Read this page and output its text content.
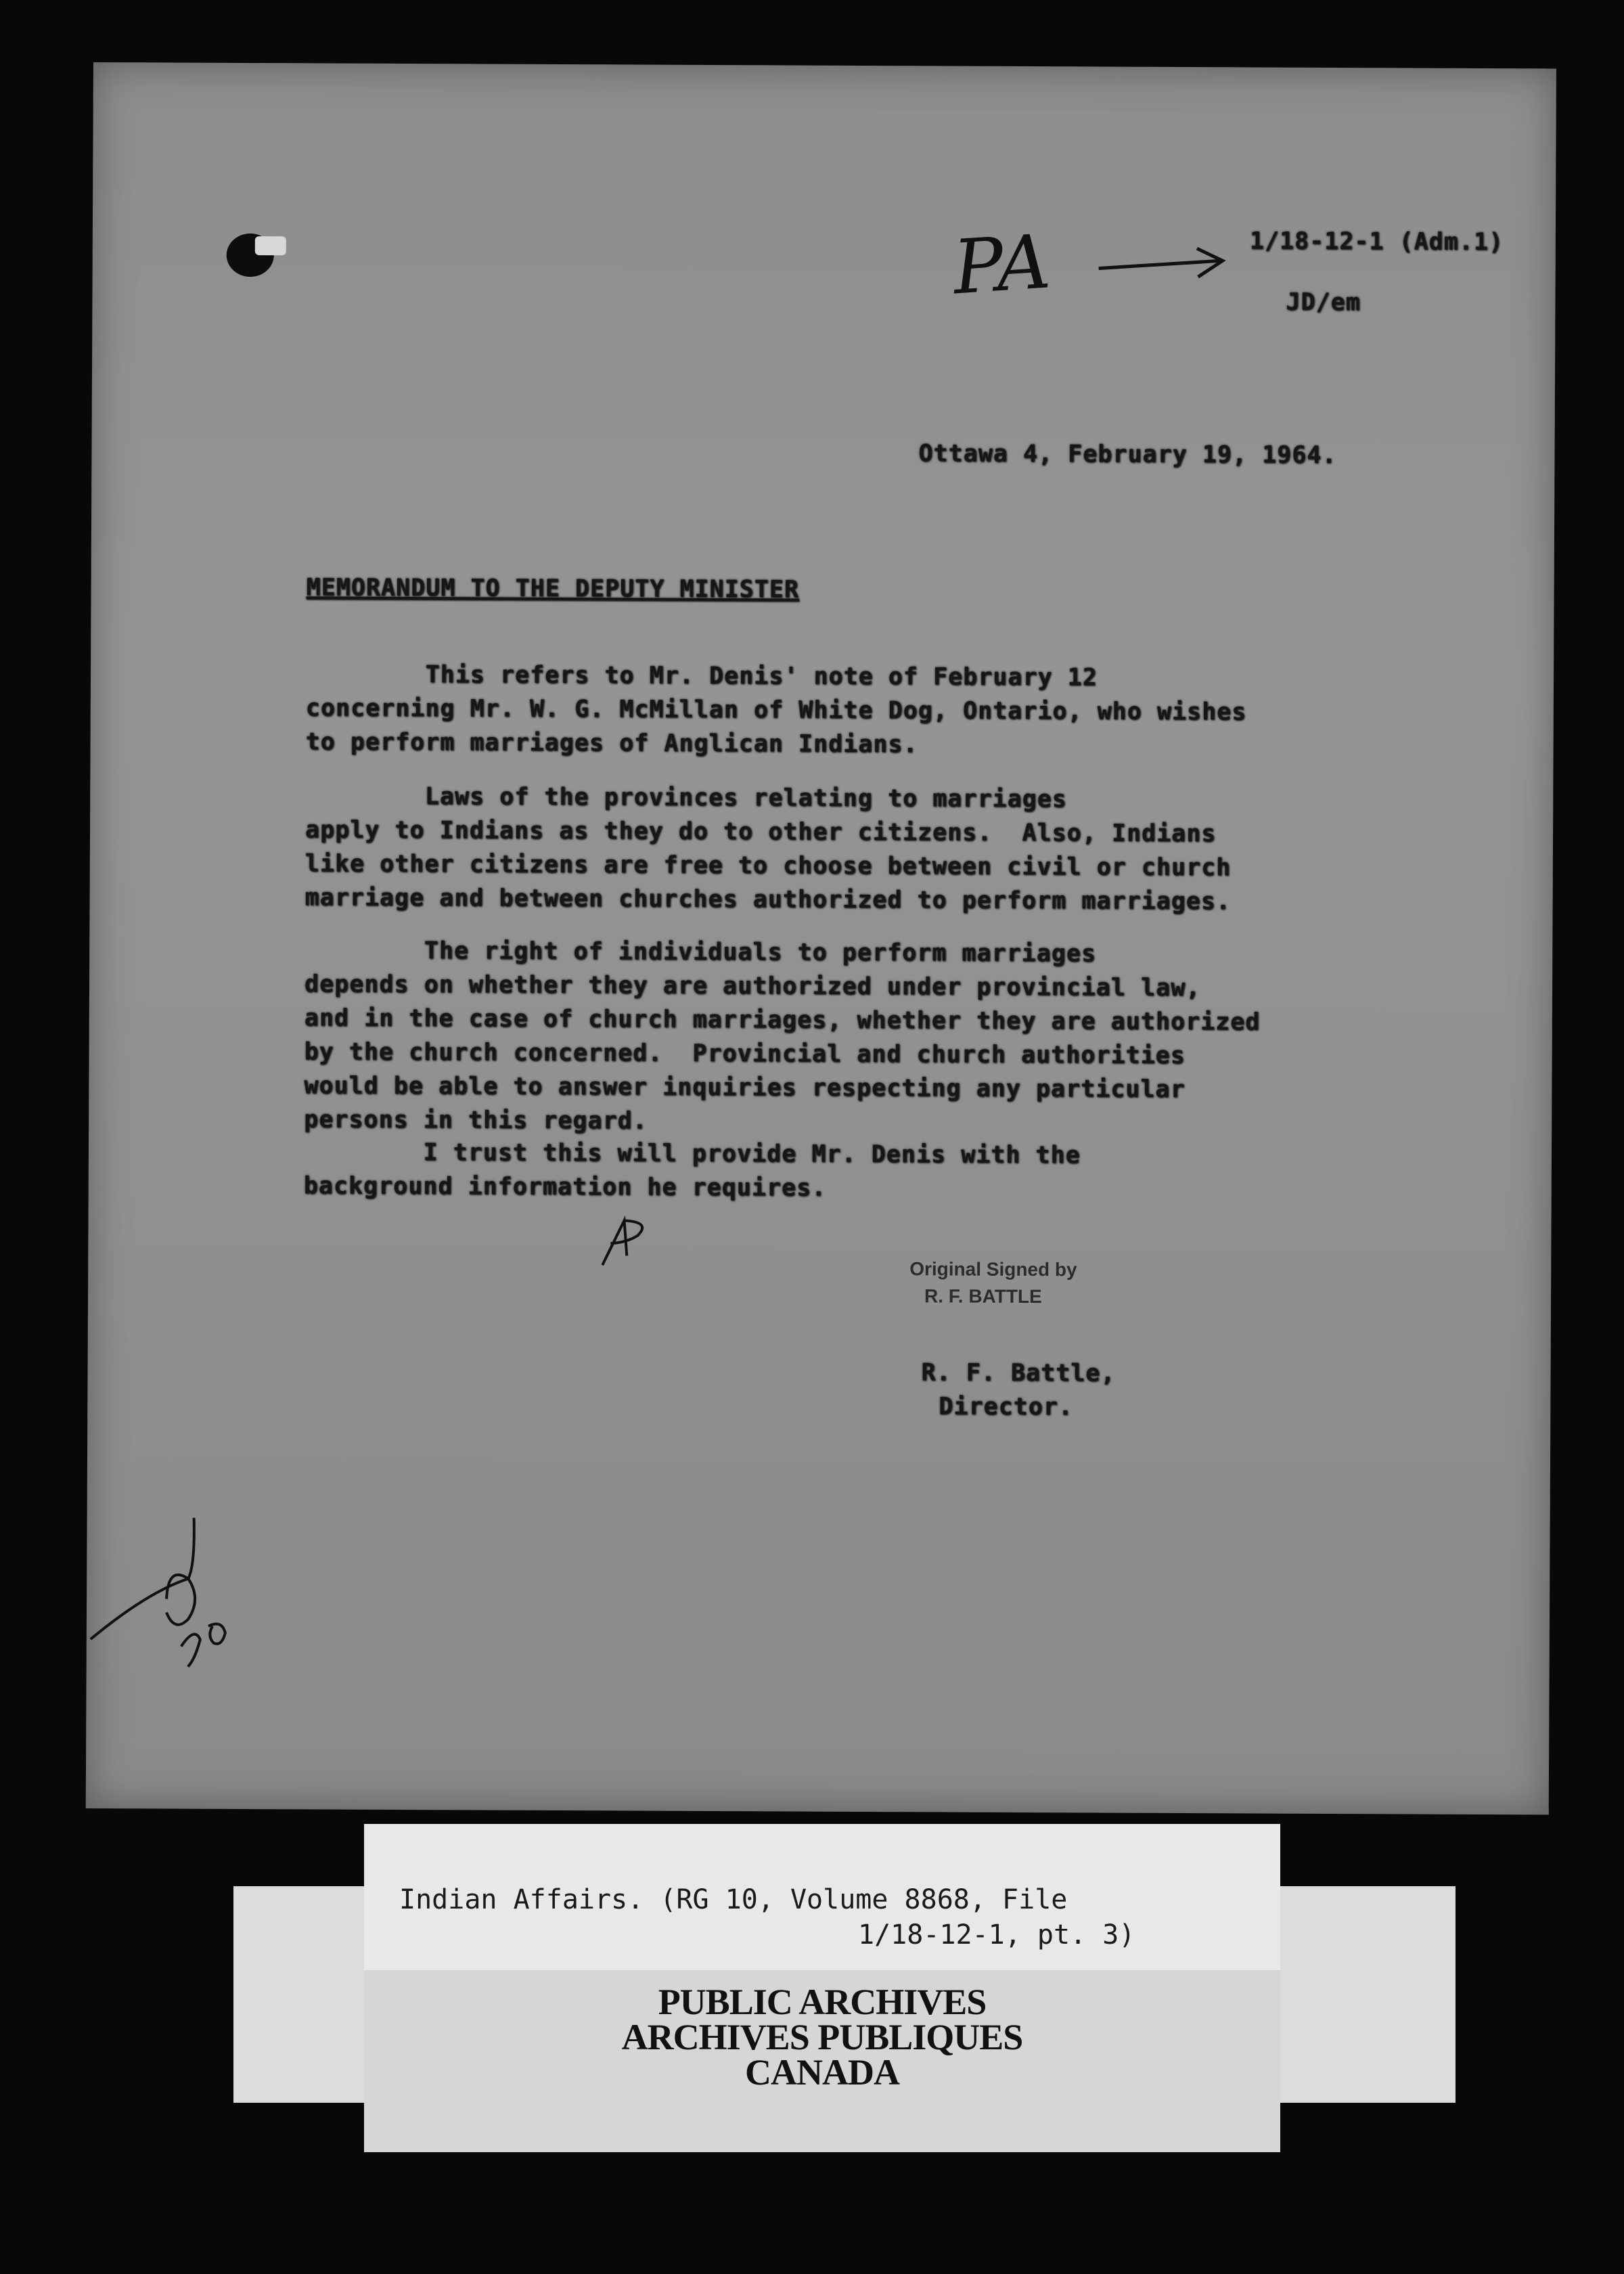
PA	1/18-12-1 (Adm.1)
JD/em
Ottawa 4, February 19, 1964.
MEMORANDUM TO THE DEPUTY MINISTER
This refers to Mr. Denis' note of February 12
concerning Mr. W. G. McMillan of White Dog, Ontario, who wishes
to perform marriages of Anglican Indians.
Laws of the provinces relating to marriages
apply to Indians as they do to other citizens.  Also, Indians
like other citizens are free to choose between civil or church
marriage and between churches authorized to perform marriages.
The right of individuals to perform marriages
depends on whether they are authorized under provincial law,
and in the case of church marriages, whether they are authorized
by the church concerned.  Provincial and church authorities
would be able to answer inquiries respecting any particular
persons in this regard.
I trust this will provide Mr. Denis with the
background information he requires.
Original Signed by
R. F. BATTLE
R. F. Battle,
Director.
PUBLIC ARCHIVES
ARCHIVES PUBLIQUES
CANADA
Indian Affairs. (RG 10, Volume 8868, File
1/18-12-1, pt. 3)
